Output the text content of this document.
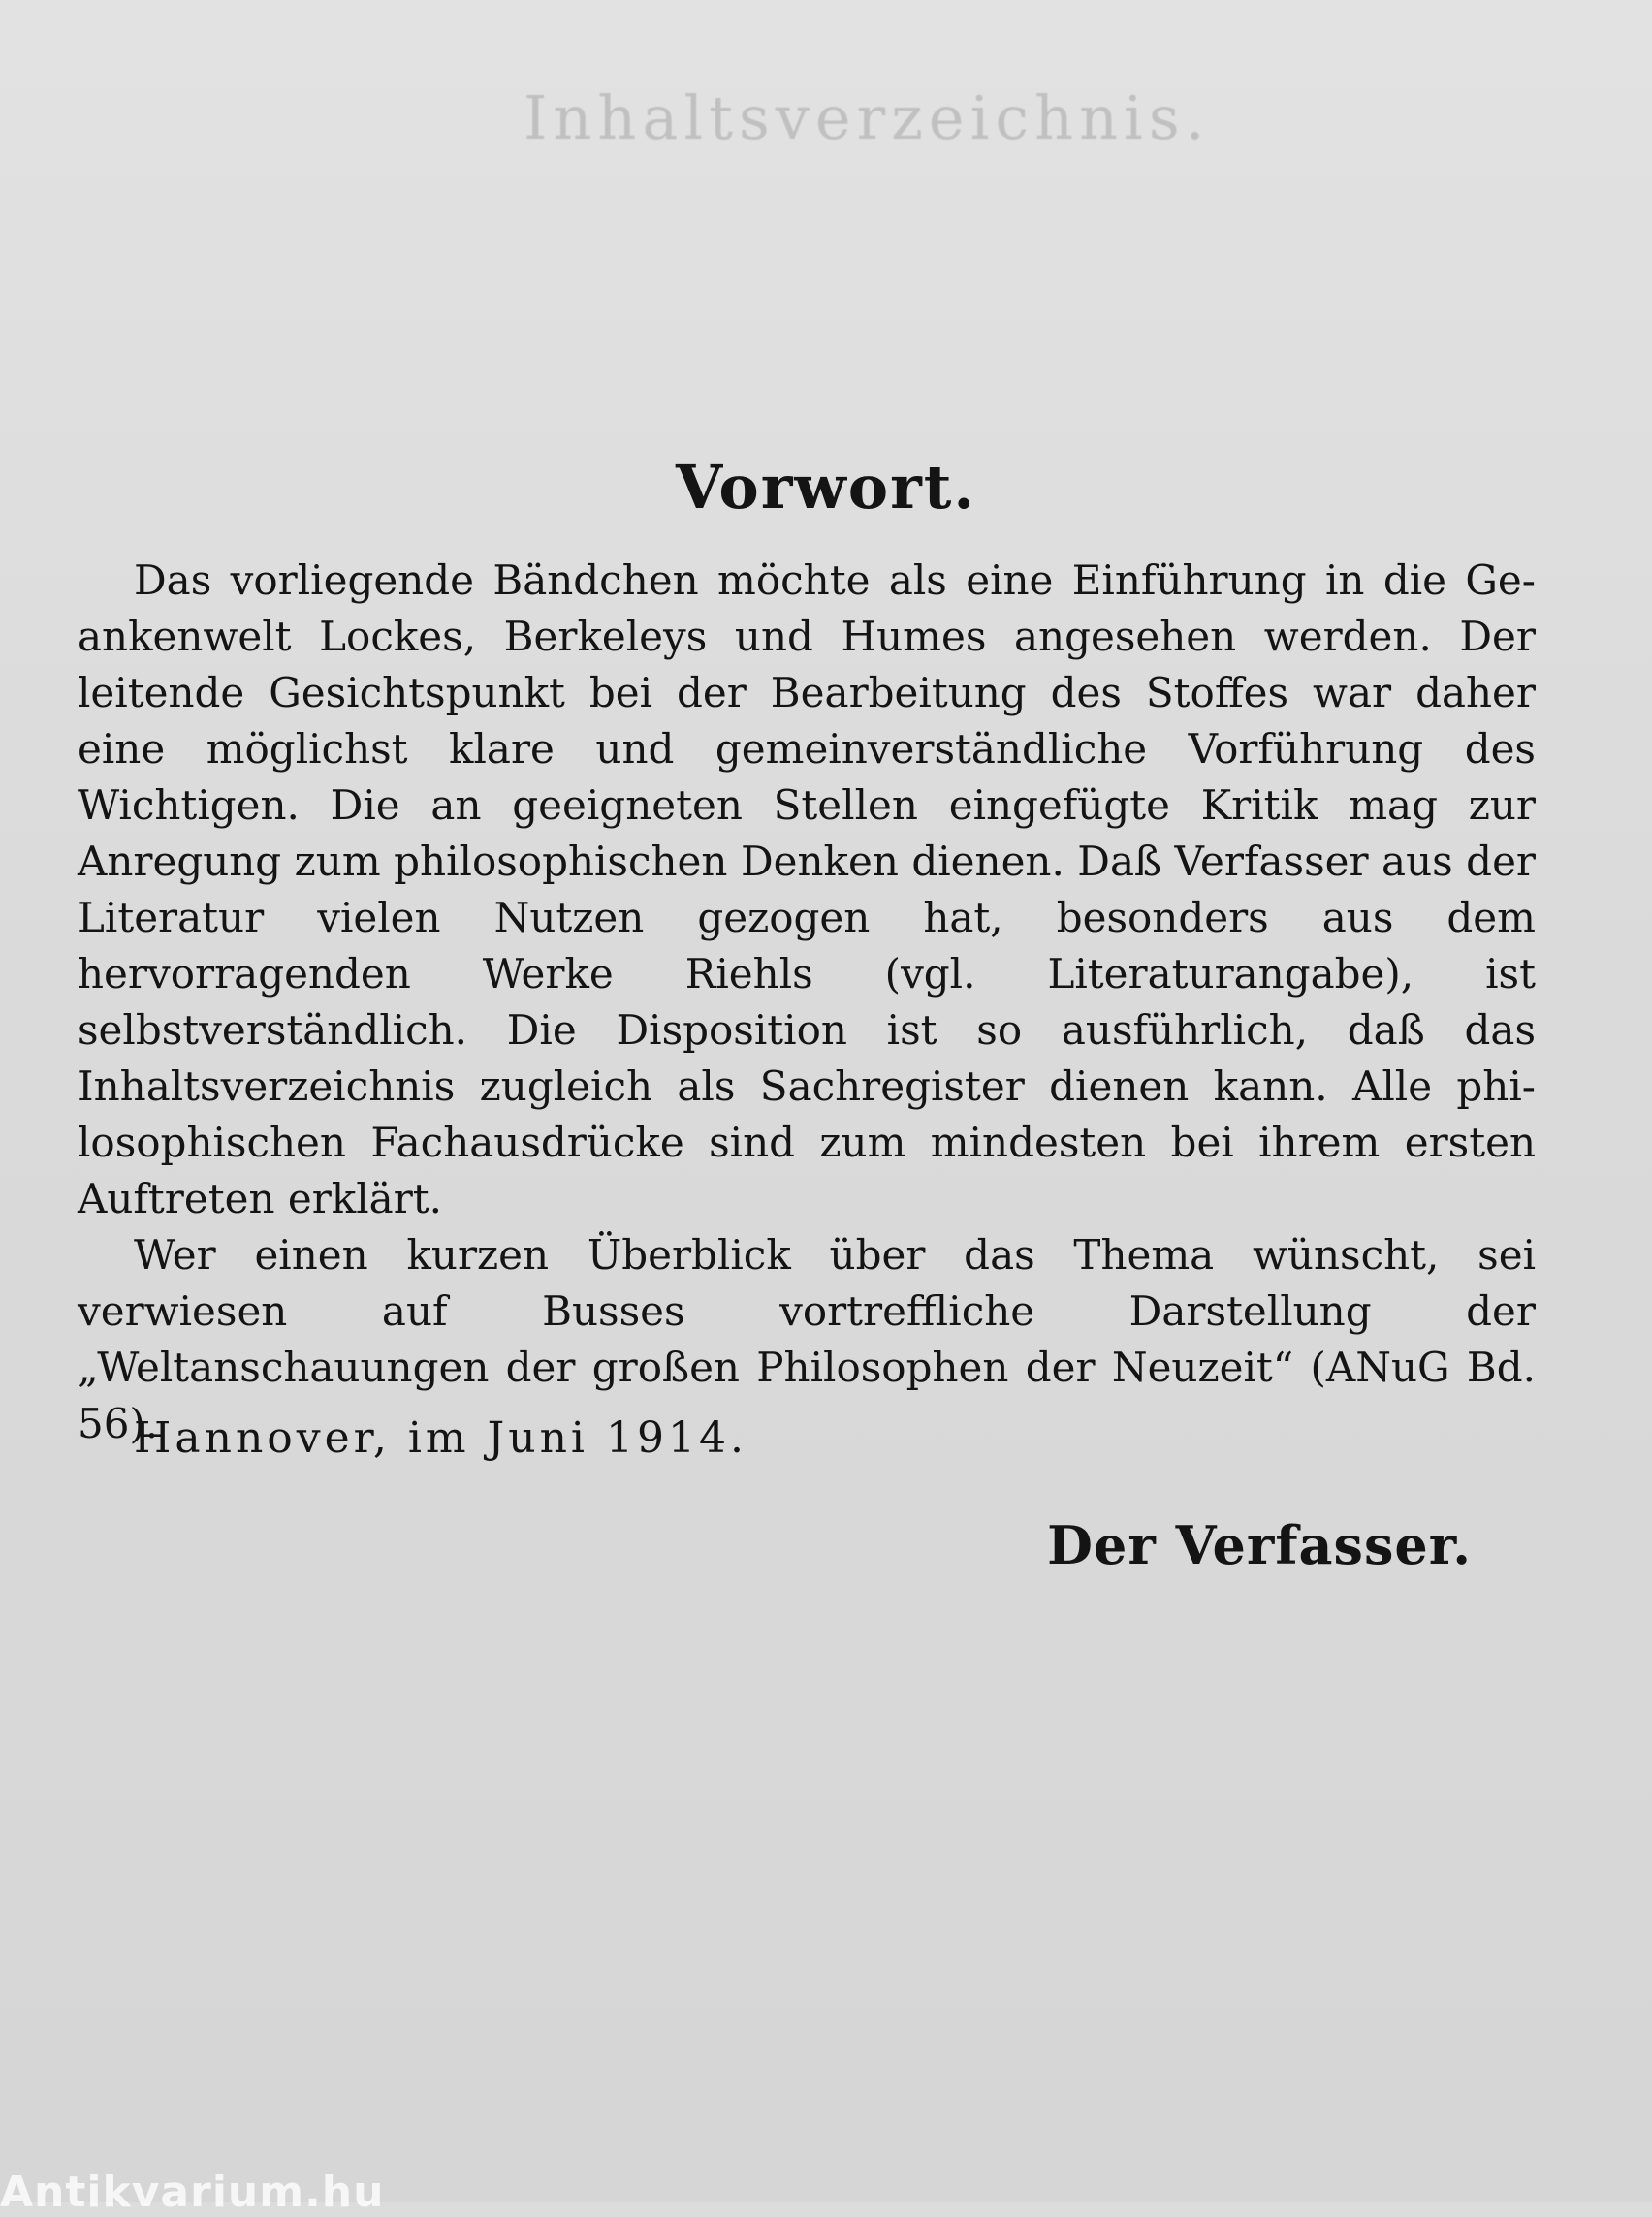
Inhaltsverzeichnis.
Vorwort.

Das vorliegende Bändchen möchte als eine Einführung in die Geankenwelt Lockes, Berkeleys und Humes angesehen werden. Der leitende Gesichtspunkt bei der Bearbeitung des Stoffes war daher eine möglichst klare und gemeinverständliche Vorführung des Wichtigen. Die an geeigneten Stellen eingefügte Kritik mag zur Anregung zum philosophischen Denken dienen. Daß Verfasser aus der Literatur vielen Nutzen gezogen hat, besonders aus dem hervorragenden Werke Riehls (vgl. Literaturangabe), ist selbstverständlich. Die Disposition ist so ausführlich, daß das Inhaltsverzeichnis zugleich als Sachregister dienen kann. Alle philosophischen Fachausdrücke sind zum mindesten bei ihrem ersten Auftreten erklärt.

Wer einen kurzen Überblick über das Thema wünscht, sei verwiesen auf Busses vortreffliche Darstellung der „Weltanschauungen der großen Philosophen der Neuzeit“ (ANuG Bd. 56).

Hannover, im Juni 1914.

Der Verfasser.

Antikvarium.hu
